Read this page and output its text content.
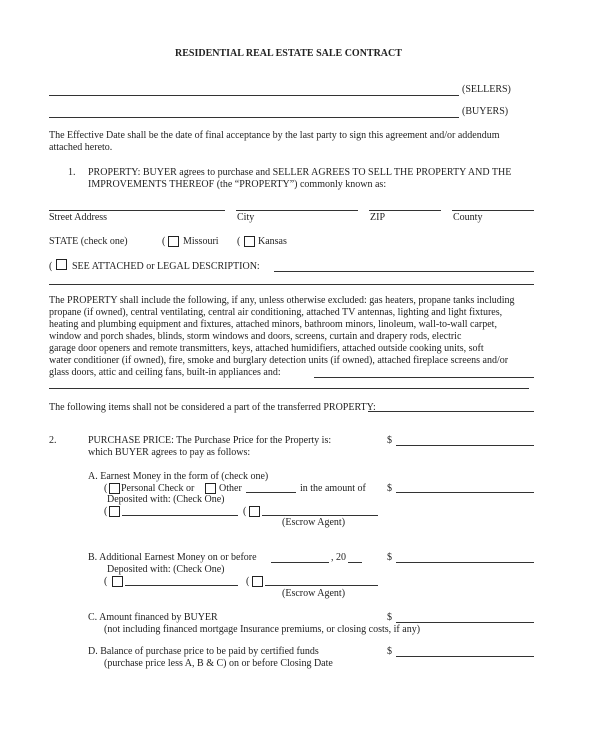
RESIDENTIAL REAL ESTATE SALE CONTRACT
(SELLERS)
(BUYERS)
The Effective Date shall be the date of final acceptance by the last party to sign this agreement and/or addendum
attached hereto.
1. PROPERTY: BUYER agrees to purchase and SELLER AGREES TO SELL THE PROPERTY AND THE
IMPROVEMENTS THEREOF (the “PROPERTY”) commonly known as:
Street Address	City	ZIP	County
STATE (check one)	( Missouri ( Kansas
( SEE ATTACHED or LEGAL DESCRIPTION:
The PROPERTY shall include the following, if any, unless otherwise excluded: gas heaters, propane tanks including
propane (if owned), central ventilating, central air conditioning, attached TV antennas, lighting and light fixtures,
heating and plumbing equipment and fixtures, attached minors, bathroom minors, linoleum, wall-to-wall carpet,
window and porch shades, blinds, storm windows and doors, screens, curtain and drapery rods, electric
garage door openers and remote transmitters, keys, attached humidifiers, attached outside cooking units, soft
water conditioner (if owned), fire, smoke and burglary detection units (if owned), attached fireplace screens and/or
glass doors, attic and ceiling fans, built-in appliances and:
The following items shall not be considered a part of the transferred PROPERTY:
2.	PURCHASE PRICE: The Purchase Price for the Property is:
which BUYER agrees to pay as follows:
$
A. Earnest Money in the form of (check one)
( Personal Check or Other	in the amount of $
Deposited with: (Check One)
(	(
(Escrow Agent)
B. Additional Earnest Money on or before	, 20	$
Deposited with: (Check One)
(	(
(Escrow Agent)
C. Amount financed by BUYER
(not including financed mortgage Insurance premiums, or closing costs, if any)
$
D. Balance of purchase price to be paid by certified funds
(purchase price less A, B & C) on or before Closing Date
$
